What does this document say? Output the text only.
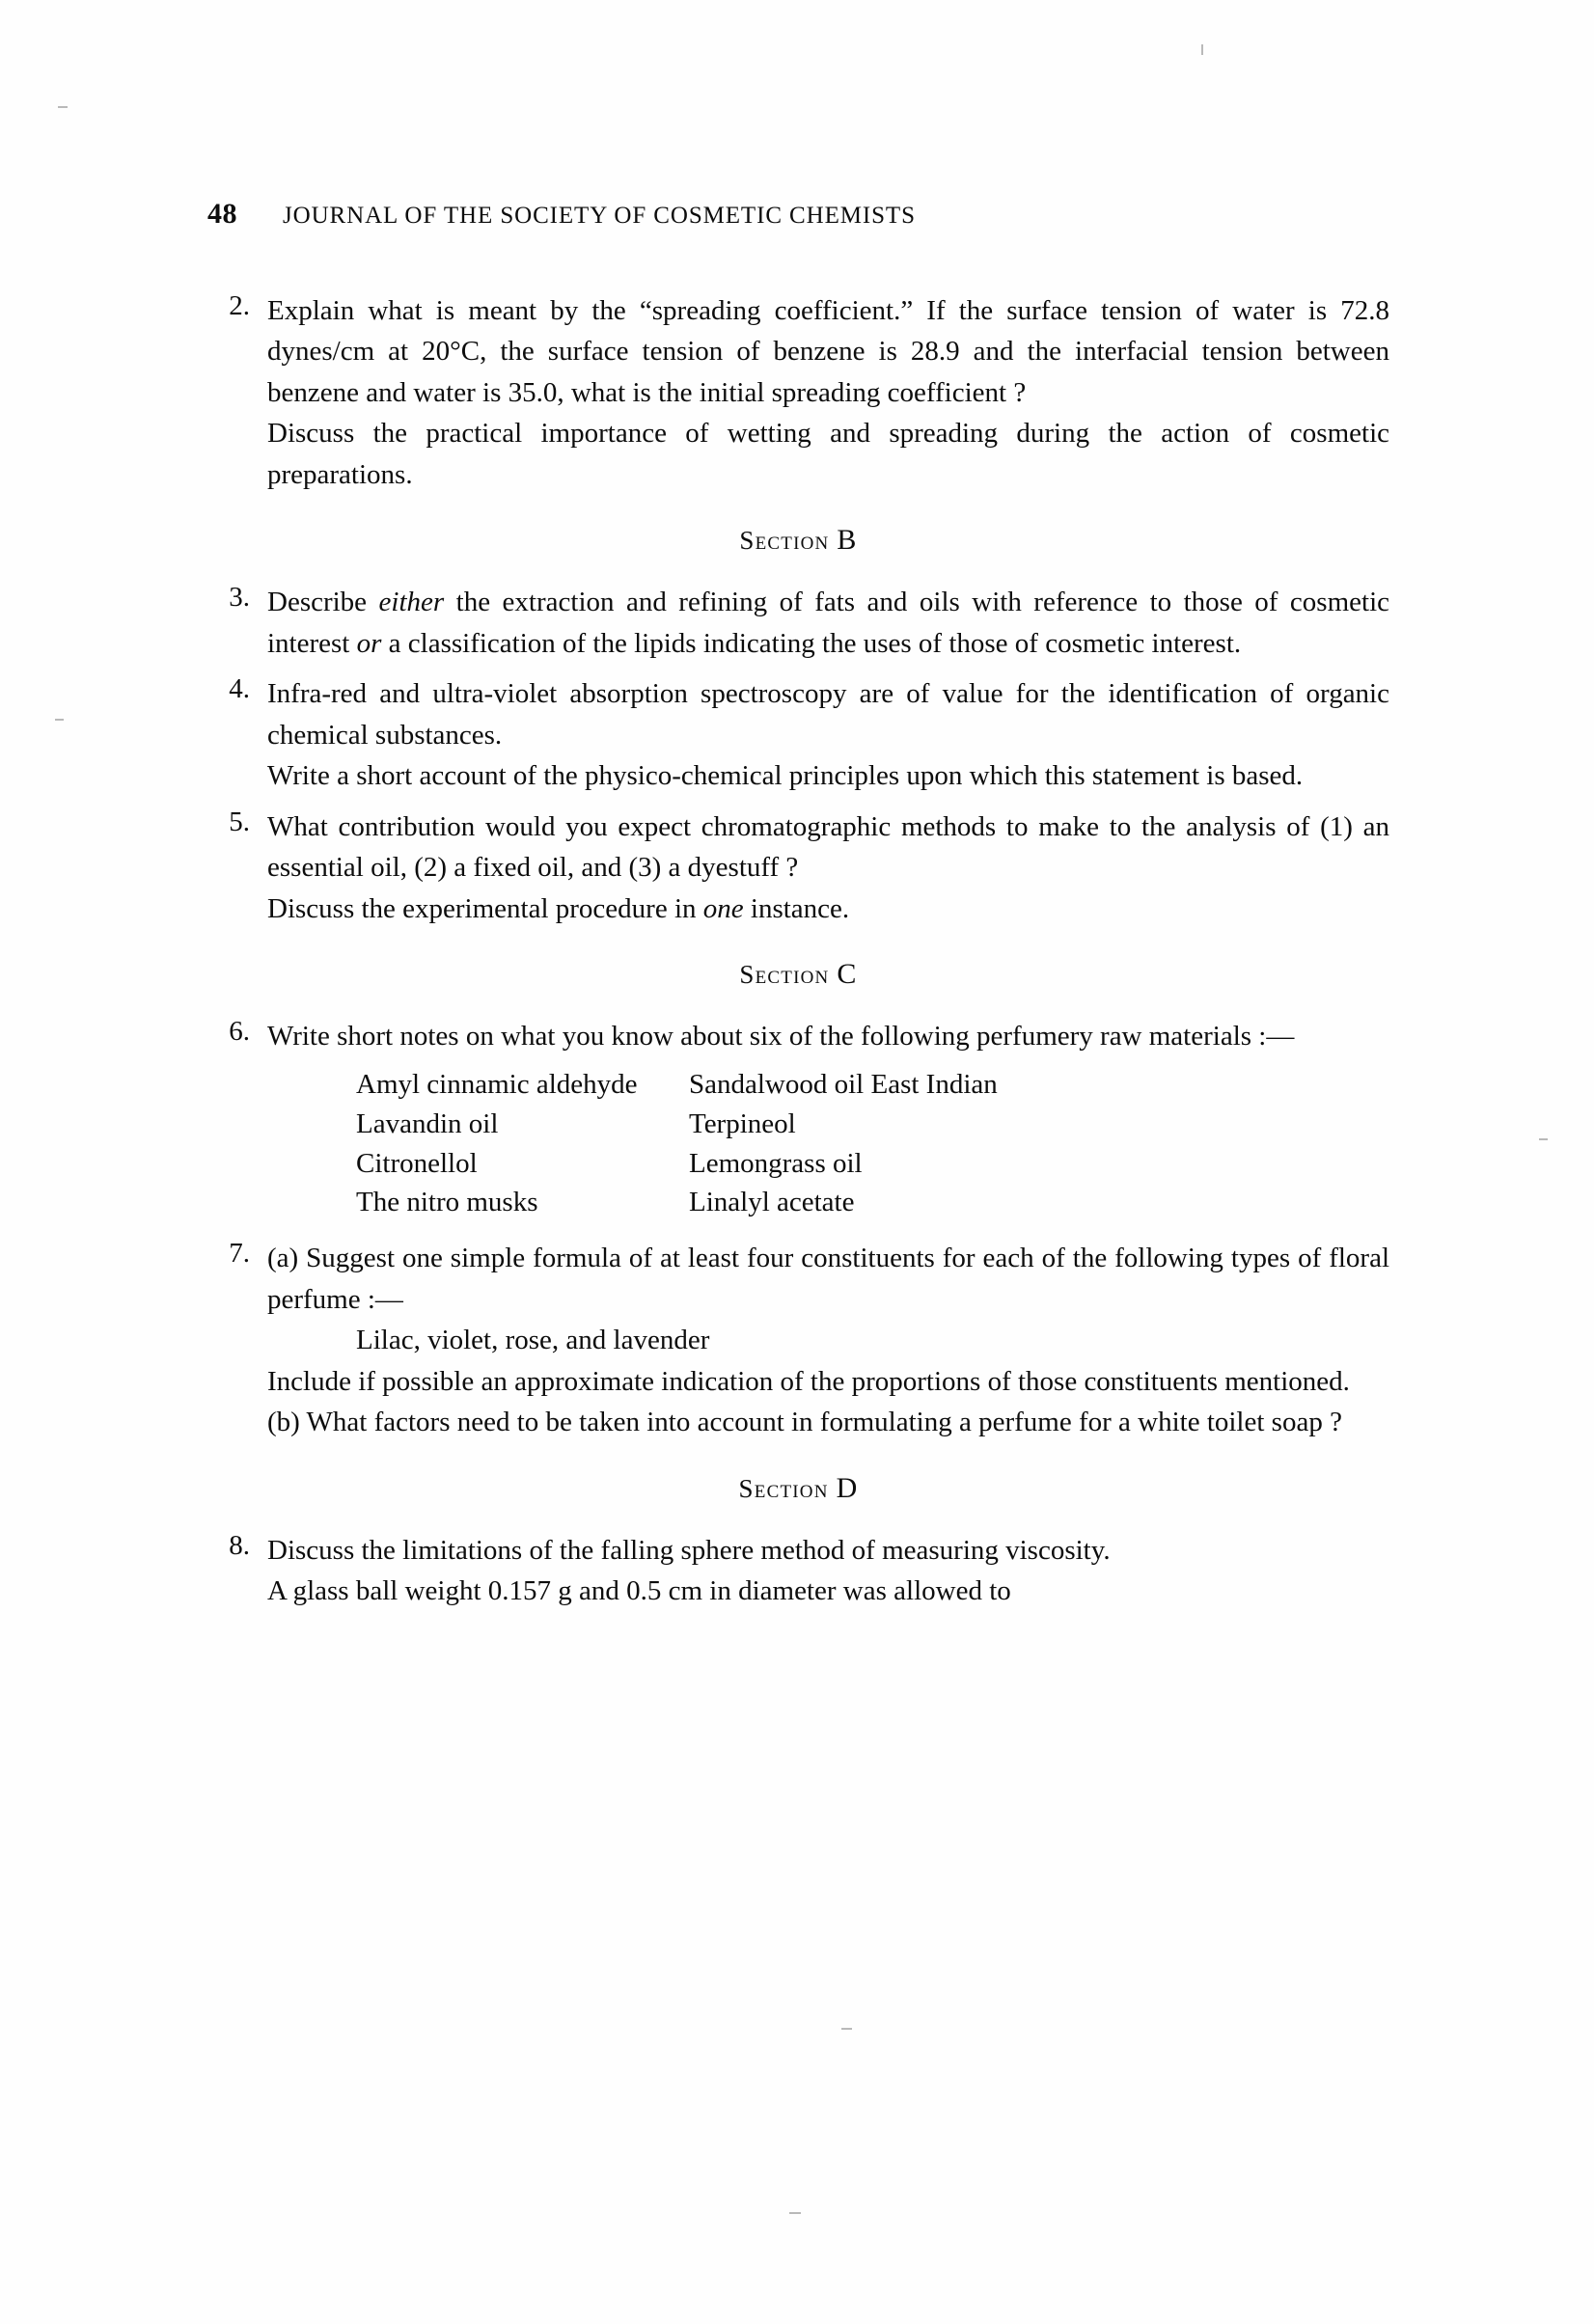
48	JOURNAL OF THE SOCIETY OF COSMETIC CHEMISTS
2. Explain what is meant by the “spreading coefficient.” If the surface tension of water is 72.8 dynes/cm at 20°C, the surface tension of benzene is 28.9 and the interfacial tension between benzene and water is 35.0, what is the initial spreading coefficient ?

Discuss the practical importance of wetting and spreading during the action of cosmetic preparations.

Section B
3. Describe either the extraction and refining of fats and oils with reference to those of cosmetic interest or a classification of the lipids indicating the uses of those of cosmetic interest.

4. Infra-red and ultra-violet absorption spectroscopy are of value for the identification of organic chemical substances.

Write a short account of the physico-chemical principles upon which this statement is based.

5. What contribution would you expect chromatographic methods to make to the analysis of (1) an essential oil, (2) a fixed oil, and (3) a dyestuff ?

Discuss the experimental procedure in one instance.

Section C
6. Write short notes on what you know about six of the following perfumery raw materials :—

Amyl cinnamic aldehyde
Lavandin oil
Citronellol
The nitro musks
Sandalwood oil East Indian
Terpineol
Lemongrass oil
Linalyl acetate
7. (a) Suggest one simple formula of at least four constituents for each of the following types of floral perfume :—

Lilac, violet, rose, and lavender

Include if possible an approximate indication of the proportions of those constituents mentioned.

(b) What factors need to be taken into account in formulating a perfume for a white toilet soap ?

Section D
8. Discuss the limitations of the falling sphere method of measuring viscosity.

A glass ball weight 0.157 g and 0.5 cm in diameter was allowed to
